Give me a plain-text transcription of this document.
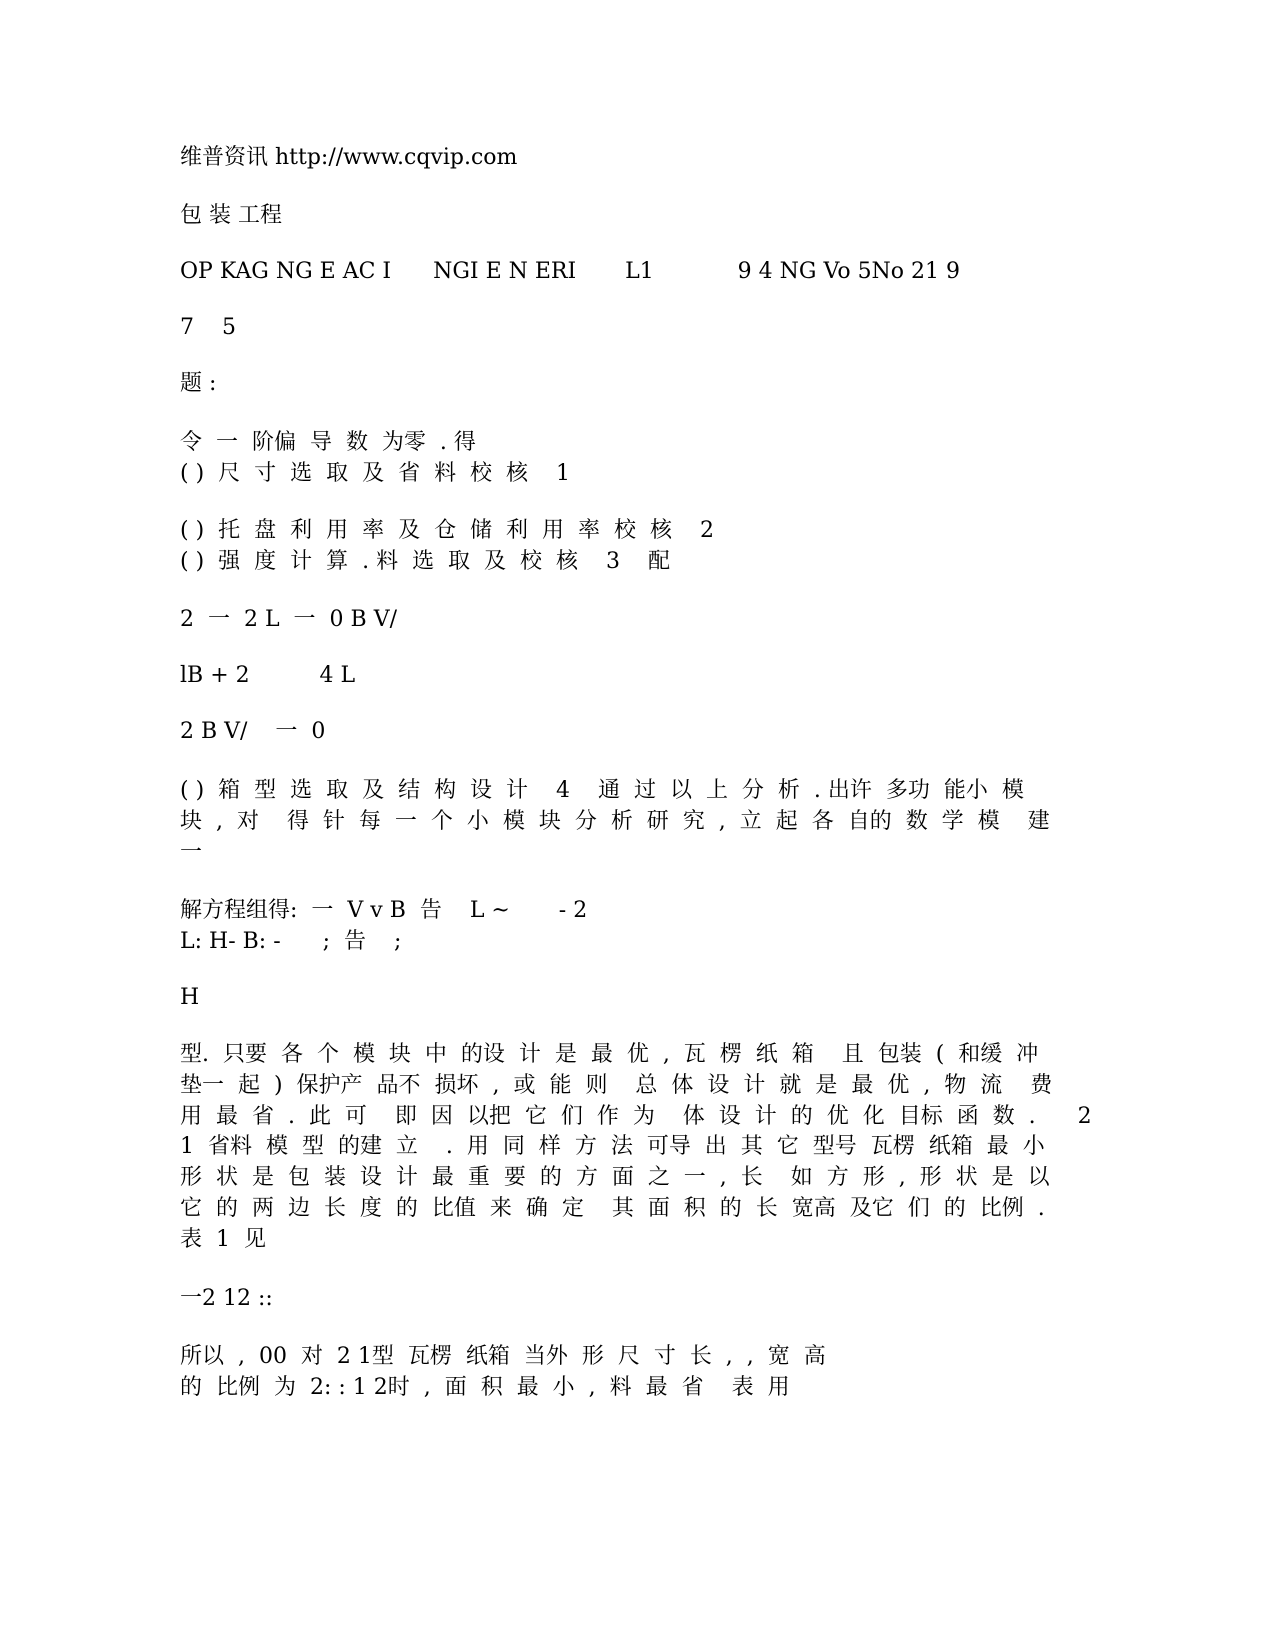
维普资讯 http://www.cqvip.com
包 装 工程
OP KAG NG E AC I      NGI E N ERI       L1            9 4 NG Vo 5No 21 9
7    5
题 :
令  一  阶偏  导  数  为零  . 得
( )  尺  寸  选  取  及  省  料  校  核    1
( )  托  盘  利  用  率  及  仓  储  利  用  率  校  核    2
( )  强  度  计  算  . 料  选  取  及  校  核    3    配
2  一  2 L  一  0 B V/
lB + 2          4 L
2 B V/    一  0
( )  箱  型  选  取  及  结  构  设  计    4    通  过  以  上  分  析  . 出许  多功  能小  模
块  ,  对    得  针  每  一  个  小  模  块  分  析  研  究  ,  立  起  各  自的  数  学  模    建
一
解方程组得:  一  V v B  告    L ~       - 2
L: H- B: -      ;  告    ;
H
型.  只要  各  个  模  块  中  的设  计  是  最  优  ,  瓦  楞  纸  箱    且  包装  (  和缓  冲
垫一  起  )  保护产  品不  损坏  ,  或  能  则    总  体  设  计  就  是  最  优  ,  物  流    费
用  最  省  .  此  可    即  因  以把  它  们  作  为    体  设  计  的  优  化  目标  函  数  .      2
1  省料  模  型  的建  立    .  用  同  样  方  法  可导  出  其  它  型号  瓦楞  纸箱  最  小
形  状  是  包  装  设  计  最  重  要  的  方  面  之  一  ,  长    如  方  形  ,  形  状  是  以
它  的  两  边  长  度  的  比值  来  确  定    其  面  积  的  长  宽高  及它  们  的  比例  .
表  1  见
一2 12 ::
所以  ,  00  对  2 1型  瓦楞  纸箱  当外  形  尺  寸  长  ,  ,  宽  高
的  比例  为  2: : 1 2时  ,  面  积  最  小  ,  料  最  省    表  用
